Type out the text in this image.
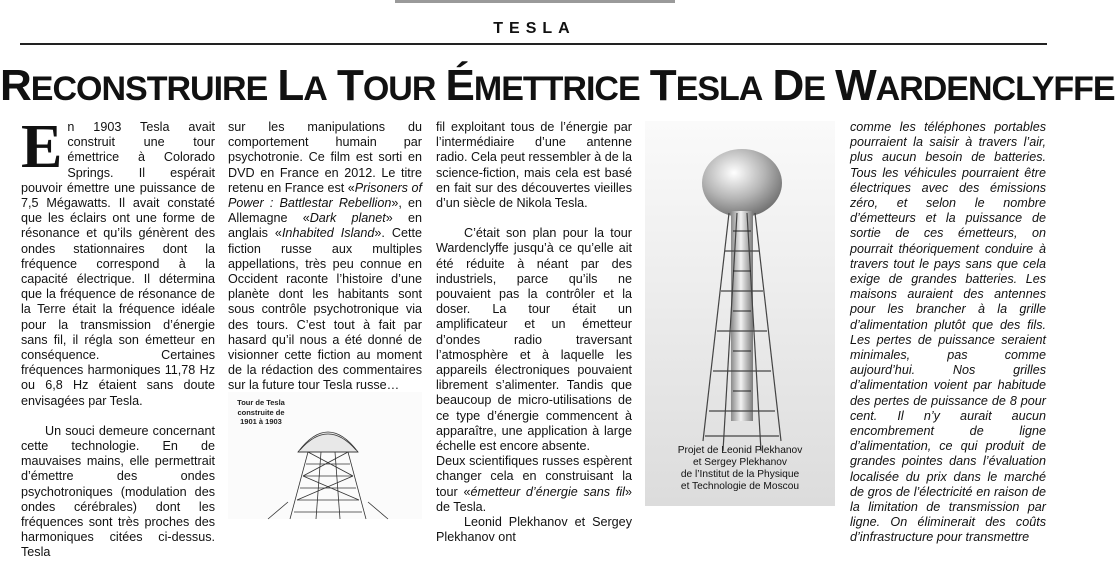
TESLA
RECONSTRUIRE LA TOUR ÉMETTRICE TESLA DE WARDENCLYFFE

En 1903 Tesla avait construit une tour émettrice à Colorado Springs. Il espérait pouvoir émettre une puissance de 7,5 Mégawatts. Il avait constaté que les éclairs ont une forme de résonance et qu’ils génèrent des ondes stationnaires dont la fréquence correspond à la capacité électrique. Il détermina que la fréquence de résonance de la Terre était la fréquence idéale pour la transmission d’énergie sans fil, il régla son émetteur en conséquence. Certaines fréquences harmoniques 11,78 Hz ou 6,8 Hz étaient sans doute envisagées par Tesla.

Un souci demeure concernant cette technologie. En de mauvaises mains, elle permettrait d’émettre des ondes psychotroniques (modulation des ondes cérébrales) dont les fréquences sont très proches des harmoniques citées ci-dessus. Tesla

sur les manipulations du comportement humain par psychotronie. Ce film est sorti en DVD en France en 2012. Le titre retenu en France est «Prisoners of Power : Battlestar Rebellion», en Allemagne «Dark planet» en anglais «Inhabited Island». Cette fiction russe aux multiples appellations, très peu connue en Occident raconte l’histoire d’une planète dont les habitants sont sous contrôle psychotronique via des tours. C’est tout à fait par hasard qu’il nous a été donné de visionner cette fiction au moment de la rédaction des commentaires sur la future tour Tesla russe…

Tour de Tesla
construite de
1901 à 1903

fil exploitant tous de l’énergie par l’intermédiaire d’une antenne radio. Cela peut ressembler à de la science-fiction, mais cela est basé en fait sur des découvertes vieilles d’un siècle de Nikola Tesla.

C’était son plan pour la tour Wardenclyffe jusqu’à ce qu’elle ait été réduite à néant par des industriels, parce qu’ils ne pouvaient pas la contrôler et la doser. La tour était un amplificateur et un émetteur d’ondes radio traversant l’atmosphère et à laquelle les appareils électroniques pouvaient librement s’alimenter. Tandis que beaucoup de micro-utilisations de ce type d’énergie commencent à apparaître, une application à large échelle est encore absente.

Deux scientifiques russes espèrent changer cela en construisant la tour «émetteur d’énergie sans fil» de Tesla.

Leonid Plekhanov et Sergey Plekhanov ont

Projet de Leonid Plekhanov
et Sergey Plekhanov
de l’Institut de la Physique
et Technologie de Moscou

comme les téléphones portables pourraient la saisir à travers l’air, plus aucun besoin de batteries. Tous les véhicules pourraient être électriques avec des émissions zéro, et selon le nombre d’émetteurs et la puissance de sortie de ces émetteurs, on pourrait théoriquement conduire à travers tout le pays sans que cela exige de grandes batteries. Les maisons auraient des antennes pour les brancher à la grille d’alimentation plutôt que des fils. Les pertes de puissance seraient minimales, pas comme aujourd’hui. Nos grilles d’alimentation voient par habitude des pertes de puissance de 8 pour cent. Il n’y aurait aucun encombrement de ligne d’alimentation, ce qui produit de grandes pointes dans l’évaluation localisée du prix dans le marché de gros de l’électricité en raison de la limitation de transmission par ligne. On éliminerait des coûts d’infrastructure pour transmettre
